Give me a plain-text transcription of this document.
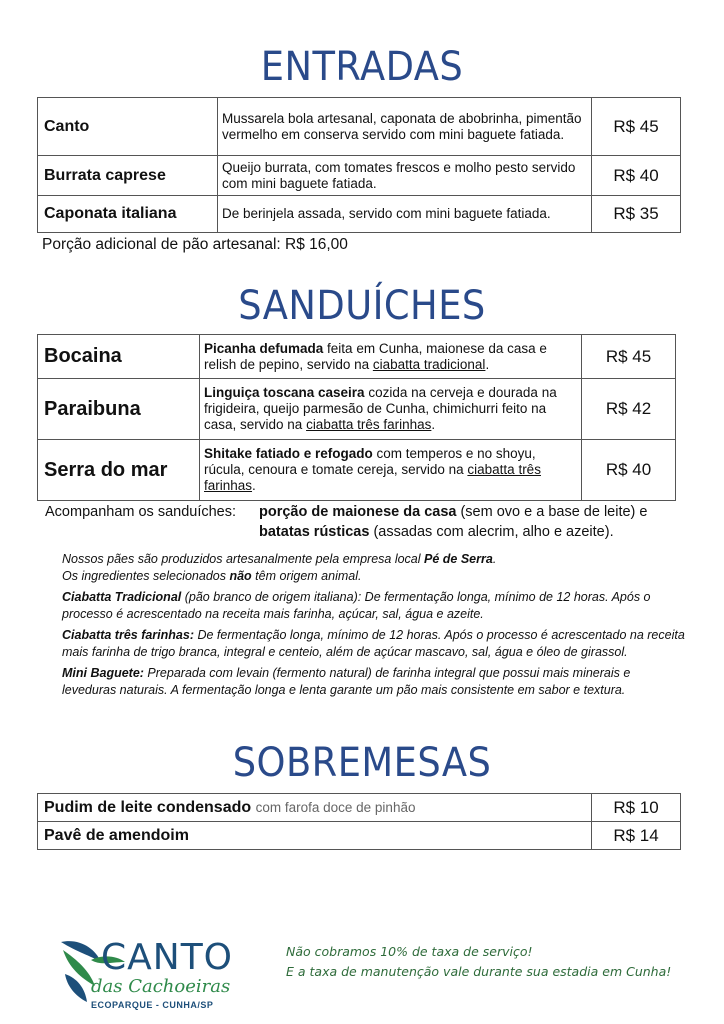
ENTRADAS
Canto	Mussarela bola artesanal, caponata de abobrinha, pimentão vermelho em conserva servido com mini baguete fatiada.	R$ 45
Burrata caprese	Queijo burrata, com tomates frescos e molho pesto servido com mini baguete fatiada.	R$ 40
Caponata italiana	De berinjela assada, servido com mini baguete fatiada.	R$ 35
Porção adicional de pão artesanal: R$ 16,00
SANDUÍCHES
Bocaina	Picanha defumada feita em Cunha, maionese da casa e relish de pepino, servido na ciabatta tradicional.	R$ 45
Paraibuna	Linguiça toscana caseira cozida na cerveja e dourada na frigideira, queijo parmesão de Cunha, chimichurri feito na casa, servido na ciabatta três farinhas.	R$ 42
Serra do mar	Shitake fatiado e refogado com temperos e no shoyu, rúcula, cenoura e tomate cereja, servido na ciabatta três farinhas.	R$ 40
Acompanham os sanduíches: porção de maionese da casa (sem ovo e a base de leite) e batatas rústicas (assadas com alecrim, alho e azeite).

Nossos pães são produzidos artesanalmente pela empresa local Pé de Serra.
Os ingredientes selecionados não têm origem animal.

Ciabatta Tradicional (pão branco de origem italiana): De fermentação longa, mínimo de 12 horas. Após o processo é acrescentado na receita mais farinha, açúcar, sal, água e azeite.

Ciabatta três farinhas: De fermentação longa, mínimo de 12 horas. Após o processo é acrescentado na receita mais farinha de trigo branca, integral e centeio, além de açúcar mascavo, sal, água e óleo de girassol.

Mini Baguete: Preparada com levain (fermento natural) de farinha integral que possui mais minerais e leveduras naturais. A fermentação longa e lenta garante um pão mais consistente em sabor e textura.

SOBREMESAS
Pudim de leite condensado com farofa doce de pinhão	R$ 10
Pavê de amendoim	R$ 14
CANTO
das Cachoeiras
ECOPARQUE - CUNHA/SP
Não cobramos 10% de taxa de serviço!
E a taxa de manutenção vale durante sua estadia em Cunha!
